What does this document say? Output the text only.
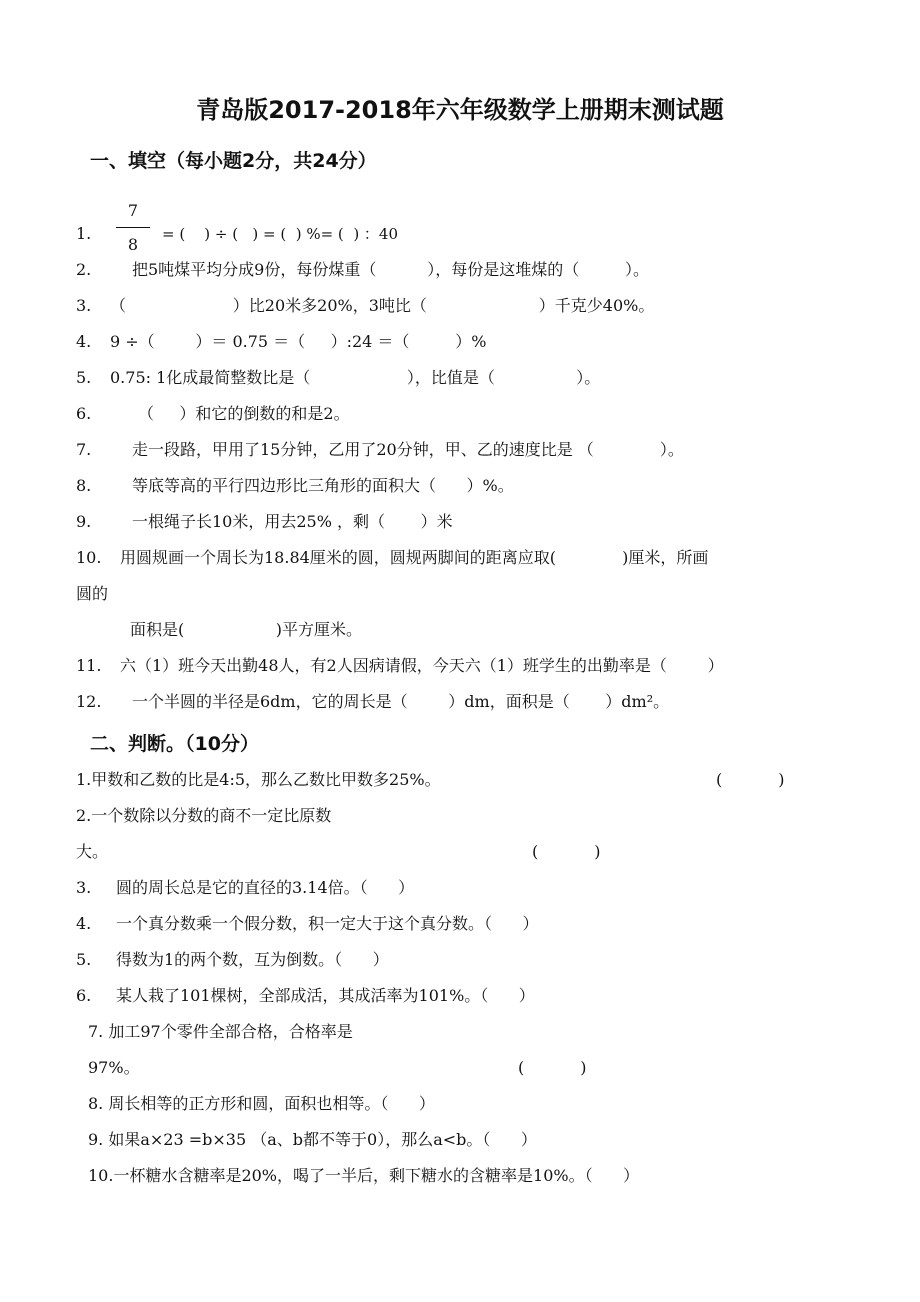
青岛版2017-2018年六年级数学上册期末测试题
一、填空（每小题2分，共24分）
1.
7
8
= (    ) ÷ (   ) = (  ) %= (  ) ：40
2.	把5吨煤平均分成9份，每份煤重（          ），每份是这堆煤的（         ）。
3. （                     ）比20米多20%，3吨比（                      ）千克少40%。
4. 9 ÷（        ）＝ 0.75 ＝（     ）:24 ＝（         ）%
5. 0.75: 1化成最简整数比是（                   ），比值是（                ）。
6.	（     ）和它的倒数的和是2。
7.	走一段路，甲用了15分钟，乙用了20分钟，甲、乙的速度比是 （             ）。
8.	等底等高的平行四边形比三角形的面积大（      ）%。
9.	一根绳子长10米，用去25% ，剩（       ）米
10. 用圆规画一个周长为18.84厘米的圆，圆规两脚间的距离应取(             )厘米，所画
圆的
面积是(                  )平方厘米。
11. 六（1）班今天出勤48人，有2人因病请假，今天六（1）班学生的出勤率是（        ）
12. 一个半圆的半径是6dm，它的周长是（        ）dm，面积是（       ）dm²。
二、判断。（10分）
1.甲数和乙数的比是4:5，那么乙数比甲数多25%。	(           )
2.一个数除以分数的商不一定比原数
大。	(           )
3. 圆的周长总是它的直径的3.14倍。（      ）
4. 一个真分数乘一个假分数，积一定大于这个真分数。（      ）
5. 得数为1的两个数，互为倒数。（      ）
6. 某人栽了101棵树，全部成活，其成活率为101%。（      ）
7. 加工97个零件全部合格，合格率是
97%。	(           )
8. 周长相等的正方形和圆，面积也相等。（      ）
9. 如果a×23 =b×35 （a、b都不等于0），那么a<b。（      ）
10.一杯糖水含糖率是20%，喝了一半后，剩下糖水的含糖率是10%。（      ）
